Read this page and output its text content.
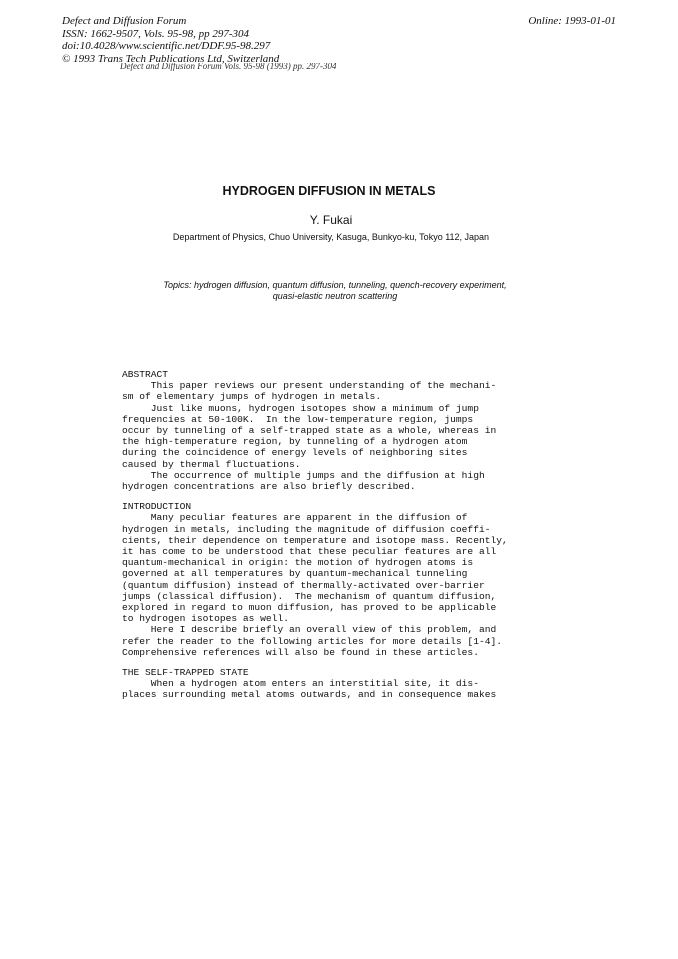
Defect and Diffusion Forum
ISSN: 1662-9507, Vols. 95-98, pp 297-304
doi:10.4028/www.scientific.net/DDF.95-98.297
© 1993 Trans Tech Publications Ltd, Switzerland
Online: 1993-01-01
Defect and Diffusion Forum Vols. 95-98 (1993) pp. 297-304
HYDROGEN DIFFUSION IN METALS
Y. Fukai
Department of Physics, Chuo University, Kasuga, Bunkyo-ku, Tokyo 112, Japan
Topics: hydrogen diffusion, quantum diffusion, tunneling, quench-recovery experiment,
quasi-elastic neutron scattering
ABSTRACT
This paper reviews our present understanding of the mechani-
sm of elementary jumps of hydrogen in metals.
Just like muons, hydrogen isotopes show a minimum of jump
frequencies at 50-100K.  In the low-temperature region, jumps
occur by tunneling of a self-trapped state as a whole, whereas in
the high-temperature region, by tunneling of a hydrogen atom
during the coincidence of energy levels of neighboring sites
caused by thermal fluctuations.
The occurrence of multiple jumps and the diffusion at high
hydrogen concentrations are also briefly described.
INTRODUCTION
Many peculiar features are apparent in the diffusion of
hydrogen in metals, including the magnitude of diffusion coeffi-
cients, their dependence on temperature and isotope mass. Recently,
it has come to be understood that these peculiar features are all
quantum-mechanical in origin: the motion of hydrogen atoms is
governed at all temperatures by quantum-mechanical tunneling
(quantum diffusion) instead of thermally-activated over-barrier
jumps (classical diffusion).  The mechanism of quantum diffusion,
explored in regard to muon diffusion, has proved to be applicable
to hydrogen isotopes as well.
Here I describe briefly an overall view of this problem, and
refer the reader to the following articles for more details [1-4].
Comprehensive references will also be found in these articles.
THE SELF-TRAPPED STATE
When a hydrogen atom enters an interstitial site, it dis-
places surrounding metal atoms outwards, and in consequence makes
